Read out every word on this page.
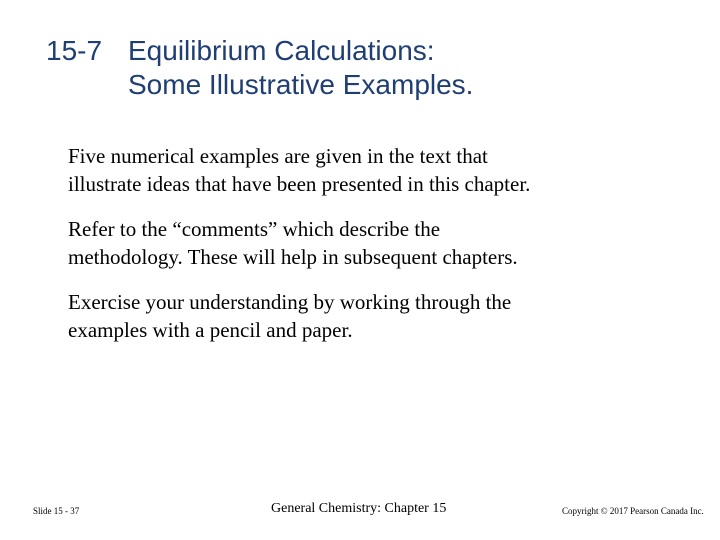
15-7 Equilibrium Calculations:
Some Illustrative Examples.
Five numerical examples are given in the text that
illustrate ideas that have been presented in this chapter.
Refer to the “comments” which describe the
methodology. These will help in subsequent chapters.
Exercise your understanding by working through the
examples with a pencil and paper.
Slide 15 - 37	General Chemistry: Chapter 15	Copyright © 2017 Pearson Canada Inc.
